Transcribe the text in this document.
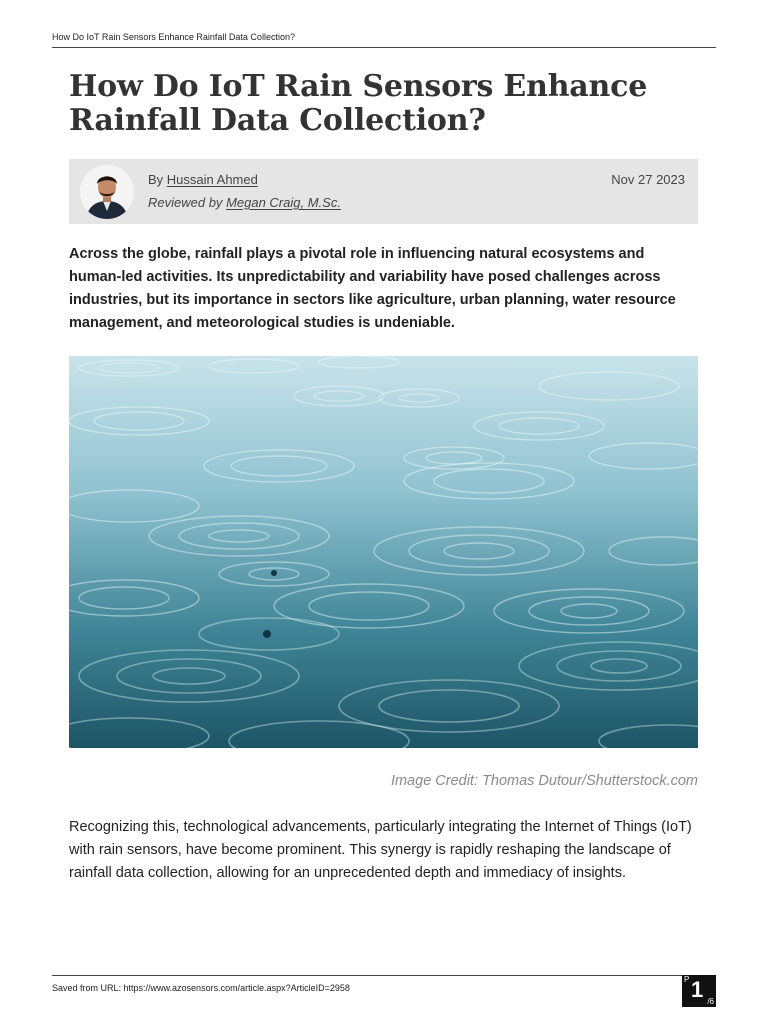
How Do IoT Rain Sensors Enhance Rainfall Data Collection?
How Do IoT Rain Sensors Enhance Rainfall Data Collection?
By Hussain Ahmed
Reviewed by Megan Craig, M.Sc.
Nov 27 2023

Across the globe, rainfall plays a pivotal role in influencing natural ecosystems and human-led activities. Its unpredictability and variability have posed challenges across industries, but its importance in sectors like agriculture, urban planning, water resource management, and meteorological studies is undeniable.

Image Credit: Thomas Dutour/Shutterstock.com

Recognizing this, technological advancements, particularly integrating the Internet of Things (IoT) with rain sensors, have become prominent. This synergy is rapidly reshaping the landscape of rainfall data collection, allowing for an unprecedented depth and immediacy of insights.

Saved from URL: https://www.azosensors.com/article.aspx?ArticleID=2958
P 1 /6
